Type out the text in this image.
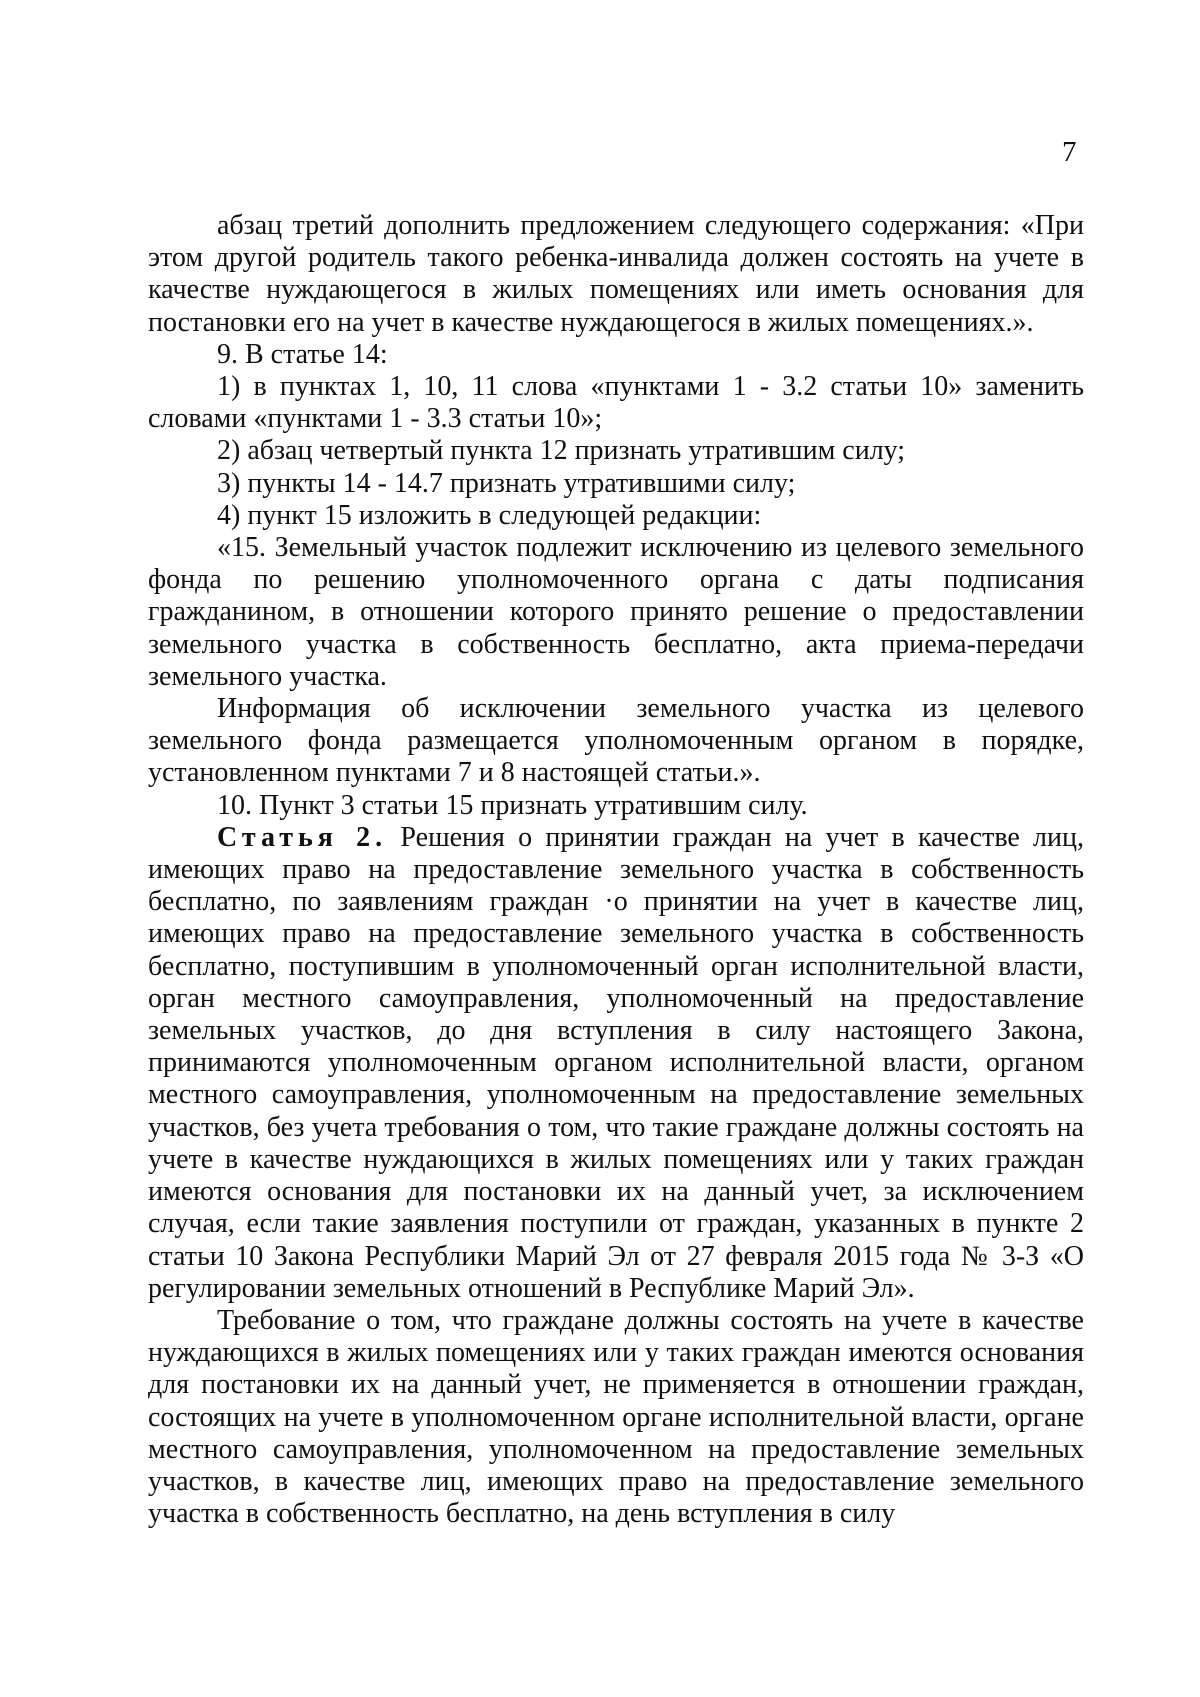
7

абзац третий дополнить предложением следующего содержания: «При этом другой родитель такого ребенка-инвалида должен состоять на учете в качестве нуждающегося в жилых помещениях или иметь основания для постановки его на учет в качестве нуждающегося в жилых помещениях.».

9. В статье 14:

1) в пунктах 1, 10, 11 слова «пунктами 1 - 3.2 статьи 10» заменить словами «пунктами 1 - 3.3 статьи 10»;

2) абзац четвертый пункта 12 признать утратившим силу;

3) пункты 14 - 14.7 признать утратившими силу;

4) пункт 15 изложить в следующей редакции:

«15. Земельный участок подлежит исключению из целевого земельного фонда по решению уполномоченного органа с даты подписания гражданином, в отношении которого принято решение о предоставлении земельного участка в собственность бесплатно, акта приема-передачи земельного участка.

Информация об исключении земельного участка из целевого земельного фонда размещается уполномоченным органом в порядке, установленном пунктами 7 и 8 настоящей статьи.».

10. Пункт 3 статьи 15 признать утратившим силу.

Статья 2. Решения о принятии граждан на учет в качестве лиц, имеющих право на предоставление земельного участка в собственность бесплатно, по заявлениям граждан ·о принятии на учет в качестве лиц, имеющих право на предоставление земельного участка в собственность бесплатно, поступившим в уполномоченный орган исполнительной власти, орган местного самоуправления, уполномоченный на предоставление земельных участков, до дня вступления в силу настоящего Закона, принимаются уполномоченным органом исполнительной власти, органом местного самоуправления, уполномоченным на предоставление земельных участков, без учета требования о том, что такие граждане должны состоять на учете в качестве нуждающихся в жилых помещениях или у таких граждан имеются основания для постановки их на данный учет, за исключением случая, если такие заявления поступили от граждан, указанных в пункте 2 статьи 10 Закона Республики Марий Эл от 27 февраля 2015 года № 3-З «О регулировании земельных отношений в Республике Марий Эл».

Требование о том, что граждане должны состоять на учете в качестве нуждающихся в жилых помещениях или у таких граждан имеются основания для постановки их на данный учет, не применяется в отношении граждан, состоящих на учете в уполномоченном органе исполнительной власти, органе местного самоуправления, уполномоченном на предоставление земельных участков, в качестве лиц, имеющих право на предоставление земельного участка в собственность бесплатно, на день вступления в силу
